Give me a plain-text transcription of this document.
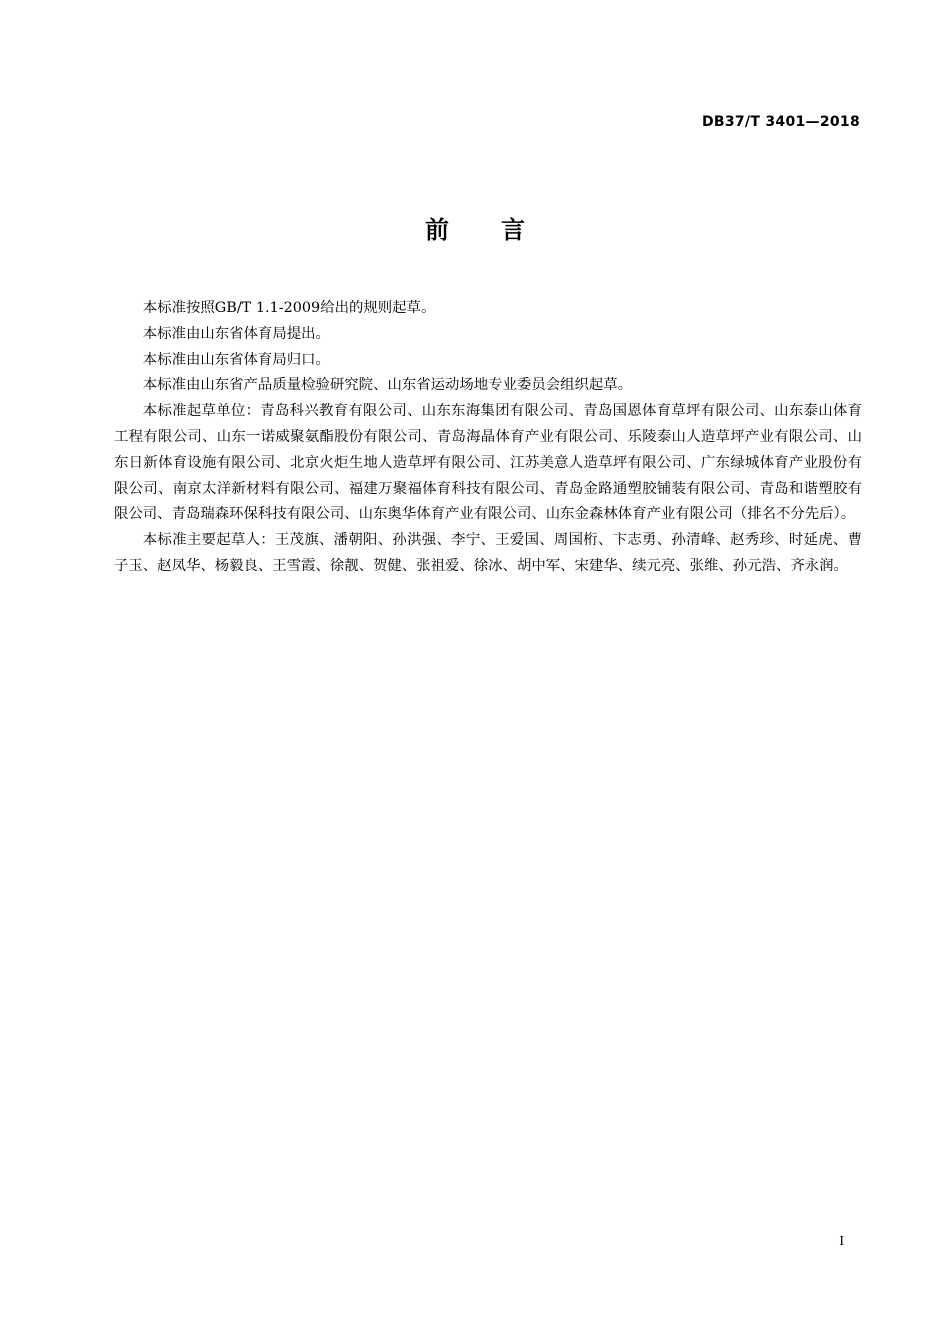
DB37/T 3401—2018
前言

本标准按照GB/T 1.1-2009给出的规则起草。

本标准由山东省体育局提出。

本标准由山东省体育局归口。

本标准由山东省产品质量检验研究院、山东省运动场地专业委员会组织起草。

本标准起草单位：青岛科兴教育有限公司、山东东海集团有限公司、青岛国恩体育草坪有限公司、山东泰山体育工程有限公司、山东一诺威聚氨酯股份有限公司、青岛海晶体育产业有限公司、乐陵泰山人造草坪产业有限公司、山东日新体育设施有限公司、北京火炬生地人造草坪有限公司、江苏美意人造草坪有限公司、广东绿城体育产业股份有限公司、南京太洋新材料有限公司、福建万聚福体育科技有限公司、青岛金路通塑胶铺装有限公司、青岛和谐塑胶有限公司、青岛瑞森环保科技有限公司、山东奥华体育产业有限公司、山东金森林体育产业有限公司（排名不分先后）。

本标准主要起草人：王茂旗、潘朝阳、孙洪强、李宁、王爱国、周国桁、卞志勇、孙清峰、赵秀珍、时延虎、曹子玉、赵凤华、杨毅良、王雪霞、徐靓、贺健、张祖爱、徐冰、胡中军、宋建华、续元亮、张维、孙元浩、齐永润。

I
